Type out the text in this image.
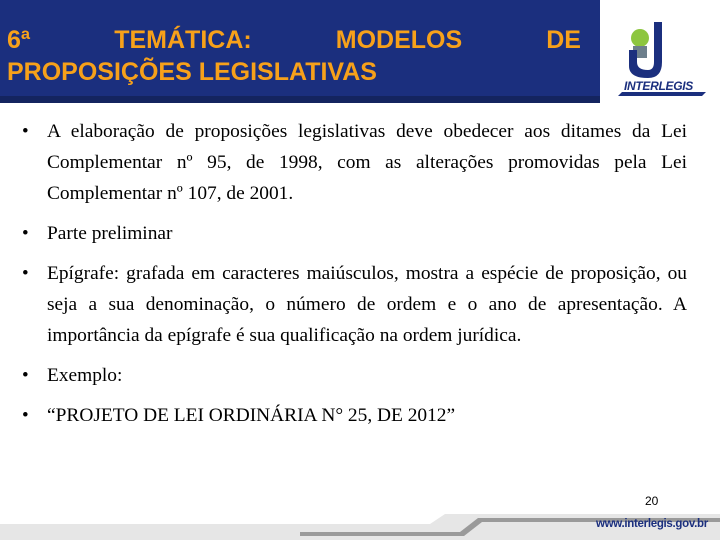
6ª	TEMÁTICA:	MODELOS	DE
PROPOSIÇÕES LEGISLATIVAS	INTERLEGIS
• A elaboração de proposições legislativas deve obedecer aos ditames da Lei Complementar nº 95, de 1998, com as alterações promovidas pela Lei Complementar nº 107, de 2001.
• Parte preliminar
• Epígrafe: grafada em caracteres maiúsculos, mostra a espécie de proposição, ou seja a sua denominação, o número de ordem e o ano de apresentação. A importância da epígrafe é sua qualificação na ordem jurídica.
• Exemplo:
• “PROJETO DE LEI ORDINÁRIA N° 25, DE 2012”
20
www.interlegis.gov.br
